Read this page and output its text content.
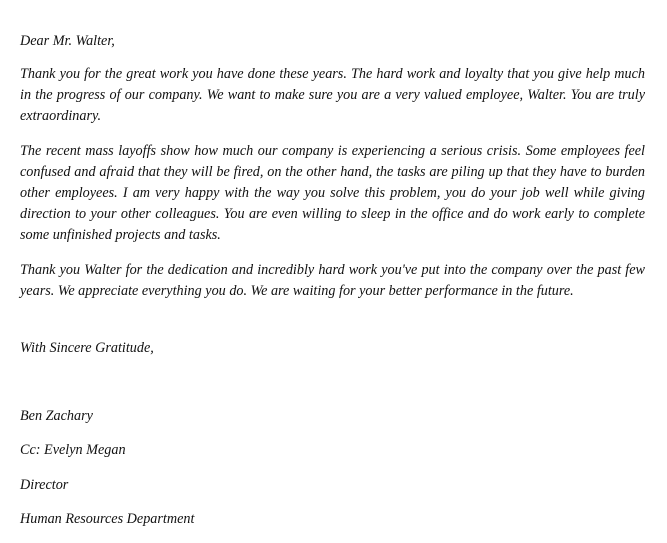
Dear Mr. Walter,
Thank you for the great work you have done these years. The hard work and loyalty that you give help much in the progress of our company. We want to make sure you are a very valued employee, Walter. You are truly extraordinary.
The recent mass layoffs show how much our company is experiencing a serious crisis. Some employees feel confused and afraid that they will be fired, on the other hand, the tasks are piling up that they have to burden other employees. I am very happy with the way you solve this problem, you do your job well while giving direction to your other colleagues. You are even willing to sleep in the office and do work early to complete some unfinished projects and tasks.
Thank you Walter for the dedication and incredibly hard work you've put into the company over the past few years. We appreciate everything you do. We are waiting for your better performance in the future.
With Sincere Gratitude,
Ben Zachary
Cc: Evelyn Megan
Director
Human Resources Department
